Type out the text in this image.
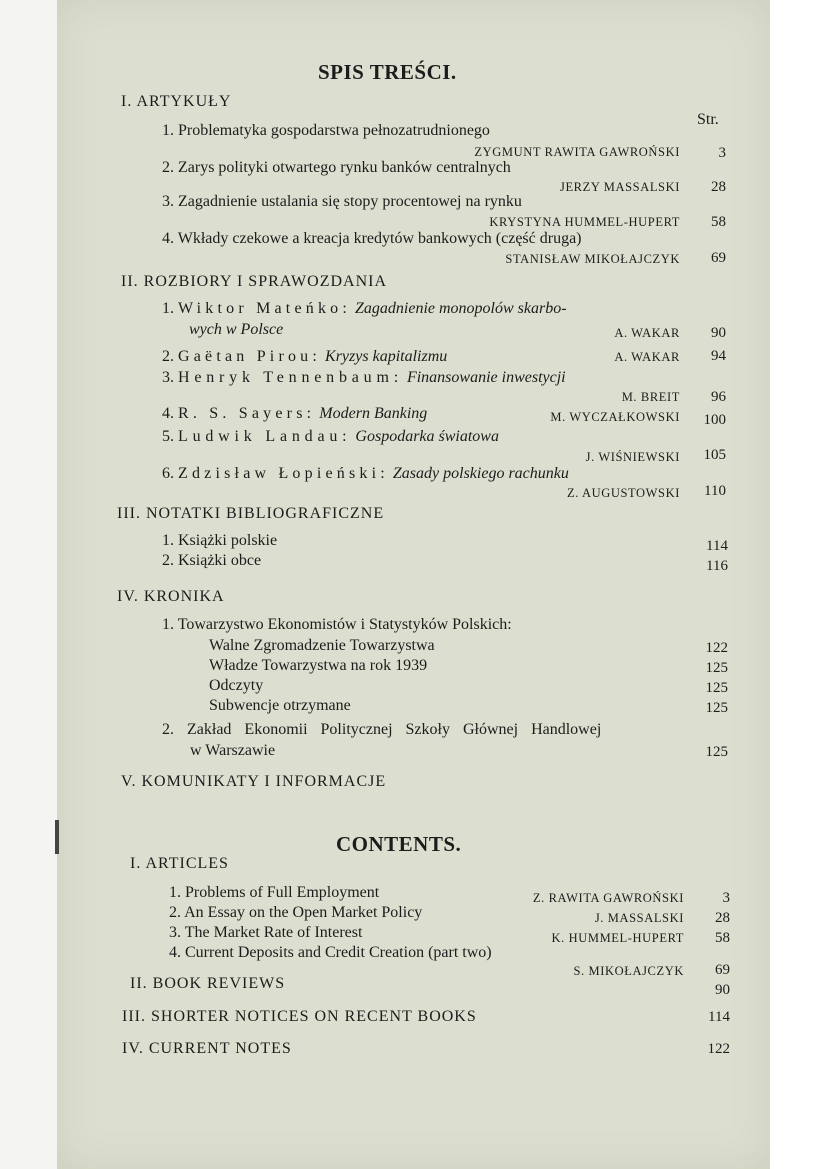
SPIS TREŚCI.
I. ARTYKUŁY
Str.
1. Problematyka gospodarstwa pełnozatrudnionego
ZYGMUNT RAWITA GAWROŃSKI	3
2. Zarys polityki otwartego rynku banków centralnych
JERZY MASSALSKI	28
3. Zagadnienie ustalania się stopy procentowej na rynku
KRYSTYNA HUMMEL-HUPERT	58
4. Wkłady czekowe a kreacja kredytów bankowych (część druga)
STANISŁAW MIKOŁAJCZYK	69
II. ROZBIORY I SPRAWOZDANIA
1. Wiktor Mateńko: Zagadnienie monopolów skarbo-
wych w Polsce	A. WAKAR	90
2. Gaëtan Pirou: Kryzys kapitalizmu	A. WAKAR	94
3. Henryk Tennenbaum: Finansowanie inwestycji
M. BREIT	96
4. R. S. Sayers: Modern Banking	M. WYCZAŁKOWSKI	100
5. Ludwik Landau: Gospodarka światowa
J. WIŚNIEWSKI	105
6. Zdzisław Łopieński: Zasady polskiego rachunku
Z. AUGUSTOWSKI	110
III. NOTATKI BIBLIOGRAFICZNE
1. Książki polskie	114
2. Książki obce	116
IV. KRONIKA
1. Towarzystwo Ekonomistów i Statystyków Polskich:
Walne Zgromadzenie Towarzystwa	122
Władze Towarzystwa na rok 1939	125
Odczyty	125
Subwencje otrzymane	125
2. Zakład Ekonomii Politycznej Szkoły Głównej Handlowej
w Warszawie	125
V. KOMUNIKATY I INFORMACJE
CONTENTS.
I. ARTICLES
1. Problems of Full Employment	Z. RAWITA GAWROŃSKI	3
2. An Essay on the Open Market Policy	J. MASSALSKI	28
3. The Market Rate of Interest	K. HUMMEL-HUPERT	58
4. Current Deposits and Credit Creation (part two)
S. MIKOŁAJCZYK	69
II. BOOK REVIEWS	90
III. SHORTER NOTICES ON RECENT BOOKS	114
IV. CURRENT NOTES	122
